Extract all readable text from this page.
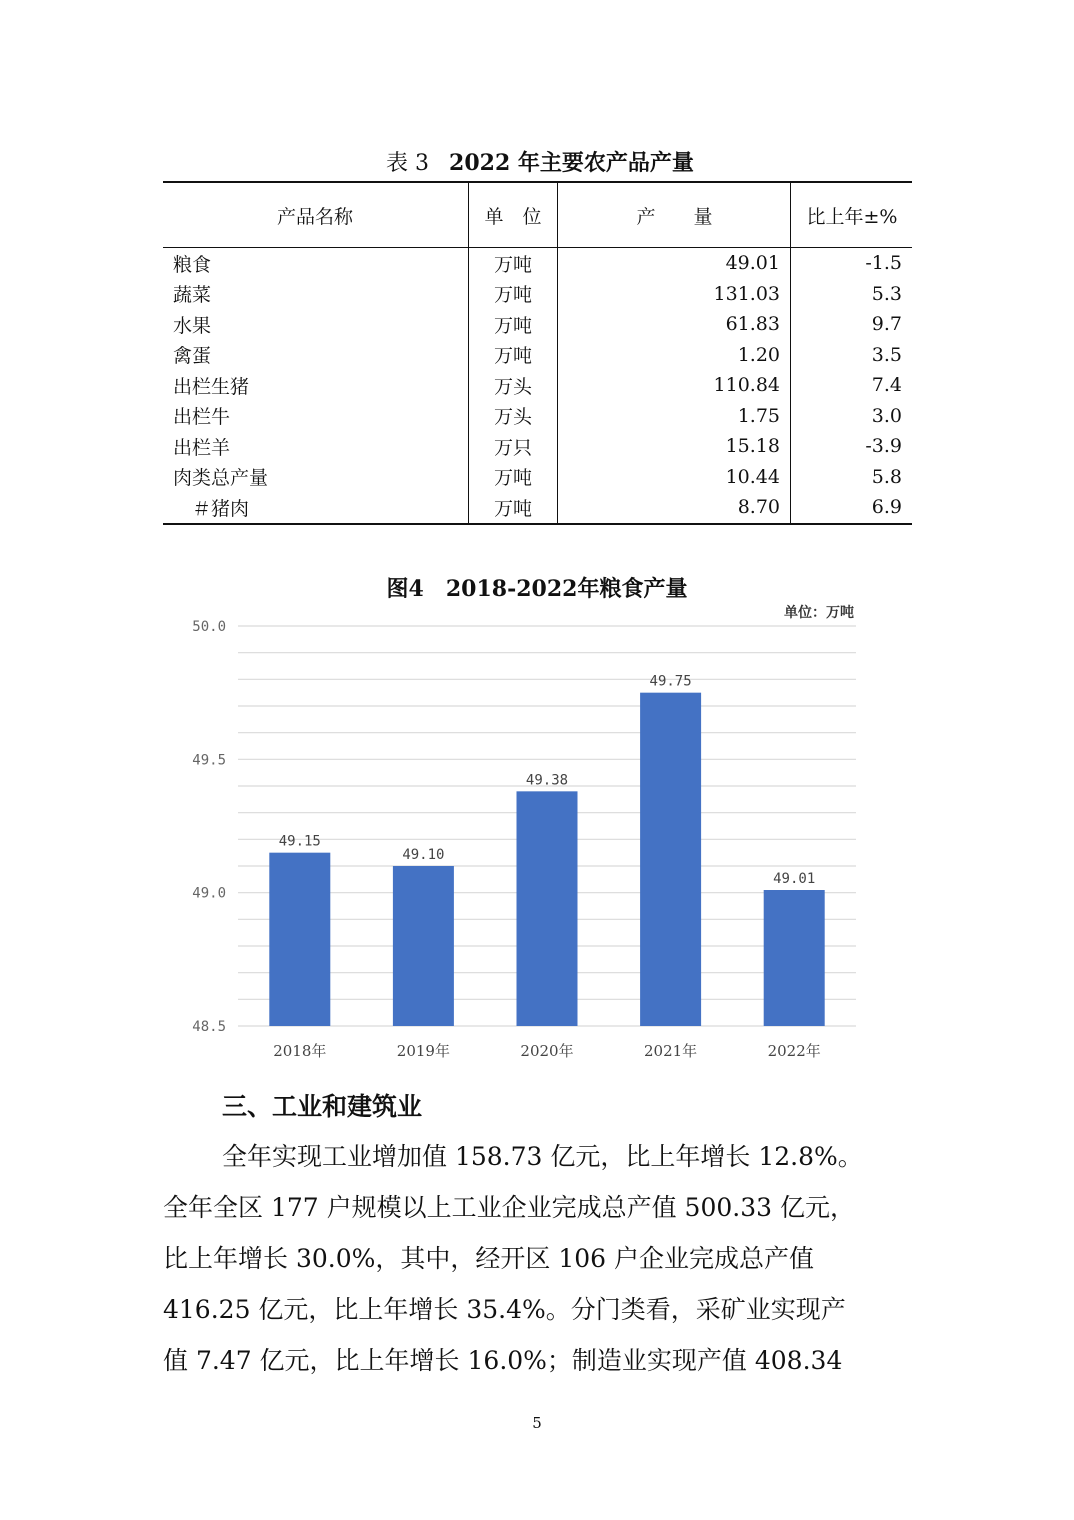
表 3 2022 年主要农产品产量
产品名称	单　位	产　　量	比上年±%
粮食	万吨	49.01	-1.5
蔬菜	万吨	131.03	5.3
水果	万吨	61.83	9.7
禽蛋	万吨	1.20	3.5
出栏生猪	万头	110.84	7.4
出栏牛	万头	1.75	3.0
出栏羊	万只	15.18	-3.9
肉类总产量	万吨	10.44	5.8
　＃猪肉	万吨	8.70	6.9
图4　2018-2022年粮食产量
单位：万吨
50.0
49.5
49.0
48.5
49.15
2018年
49.10
2019年
49.38
2020年
49.75
2021年
49.01
2022年
三、工业和建筑业
全年实现工业增加值 158.73 亿元，比上年增长 12.8%。
全年全区 177 户规模以上工业企业完成总产值 500.33 亿元，
比上年增长 30.0%，其中，经开区 106 户企业完成总产值
416.25 亿元，比上年增长 35.4%。分门类看，采矿业实现产
值 7.47 亿元，比上年增长 16.0%；制造业实现产值 408.34
5
